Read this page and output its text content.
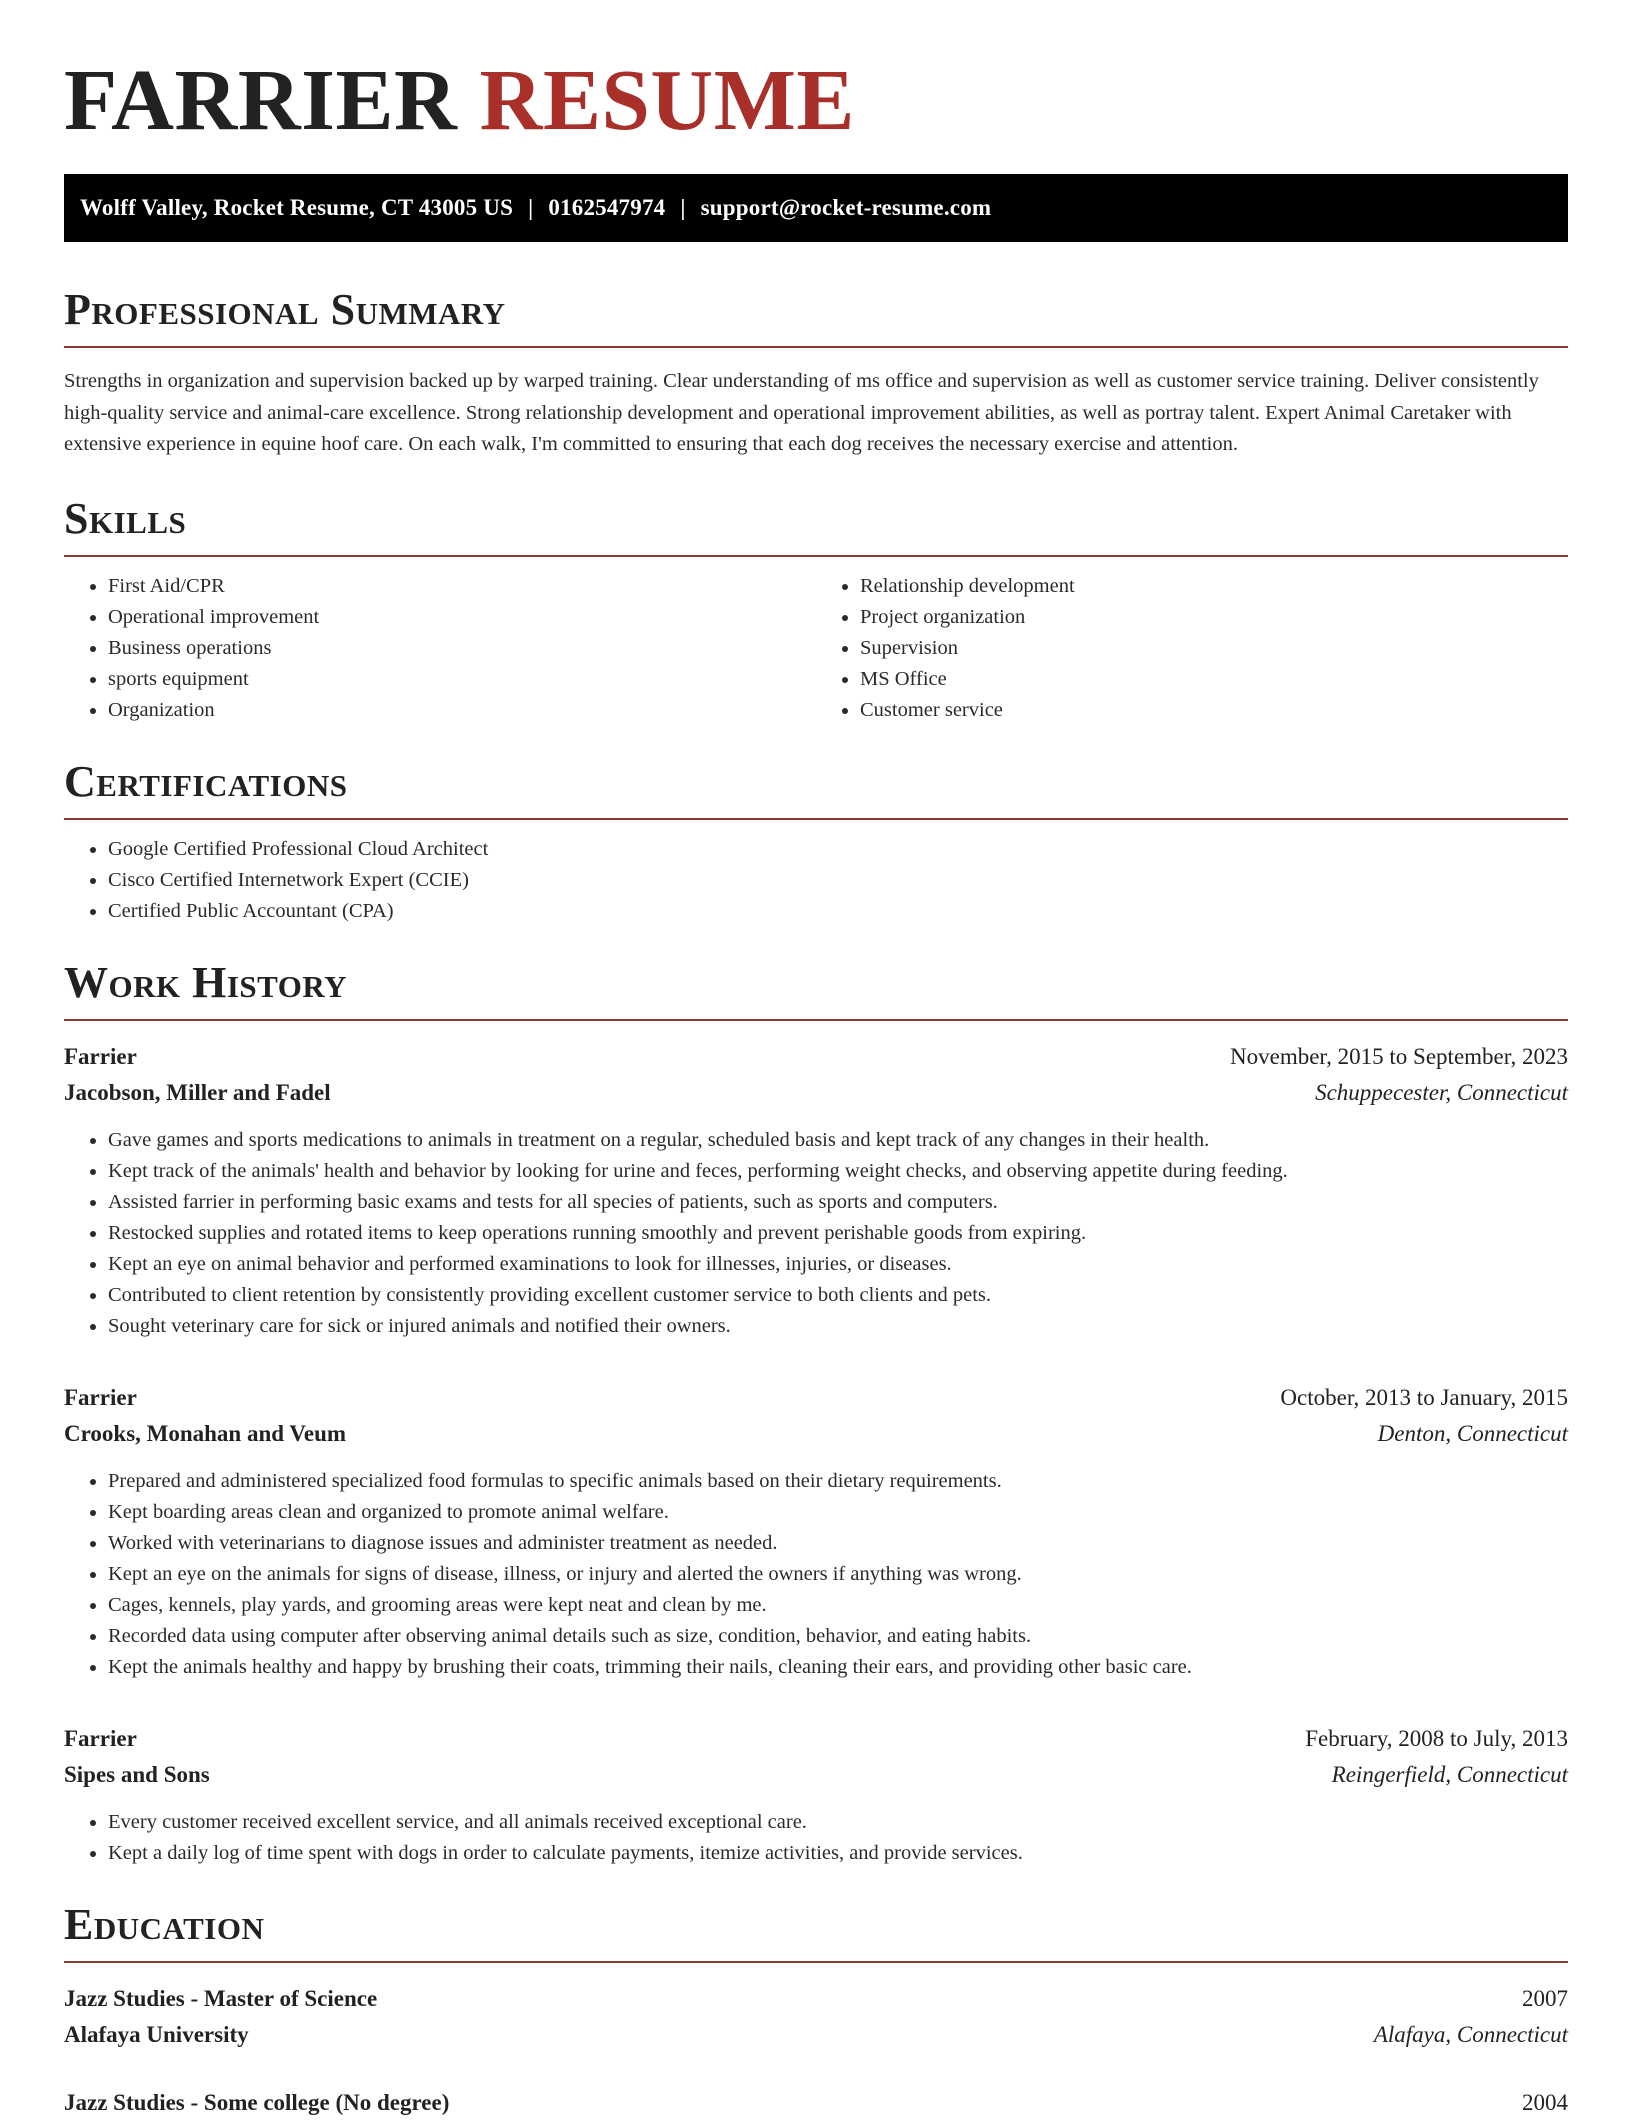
FARRIER RESUME
Wolff Valley, Rocket Resume, CT 43005 US | 0162547974 | support@rocket-resume.com
Professional Summary

Strengths in organization and supervision backed up by warped training. Clear understanding of ms office and supervision as well as customer service training. Deliver consistently high-quality service and animal-care excellence. Strong relationship development and operational improvement abilities, as well as portray talent. Expert Animal Caretaker with extensive experience in equine hoof care. On each walk, I'm committed to ensuring that each dog receives the necessary exercise and attention.

Skills
• First Aid/CPR
• Operational improvement
• Business operations
• sports equipment
• Organization
• Relationship development
• Project organization
• Supervision
• MS Office
• Customer service
Certifications
• Google Certified Professional Cloud Architect
• Cisco Certified Internetwork Expert (CCIE)
• Certified Public Accountant (CPA)
Work History
Farrier	November, 2015 to September, 2023
Jacobson, Miller and Fadel	Schuppecester, Connecticut
• Gave games and sports medications to animals in treatment on a regular, scheduled basis and kept track of any changes in their health.
• Kept track of the animals' health and behavior by looking for urine and feces, performing weight checks, and observing appetite during feeding.
• Assisted farrier in performing basic exams and tests for all species of patients, such as sports and computers.
• Restocked supplies and rotated items to keep operations running smoothly and prevent perishable goods from expiring.
• Kept an eye on animal behavior and performed examinations to look for illnesses, injuries, or diseases.
• Contributed to client retention by consistently providing excellent customer service to both clients and pets.
• Sought veterinary care for sick or injured animals and notified their owners.
Farrier	October, 2013 to January, 2015
Crooks, Monahan and Veum	Denton, Connecticut
• Prepared and administered specialized food formulas to specific animals based on their dietary requirements.
• Kept boarding areas clean and organized to promote animal welfare.
• Worked with veterinarians to diagnose issues and administer treatment as needed.
• Kept an eye on the animals for signs of disease, illness, or injury and alerted the owners if anything was wrong.
• Cages, kennels, play yards, and grooming areas were kept neat and clean by me.
• Recorded data using computer after observing animal details such as size, condition, behavior, and eating habits.
• Kept the animals healthy and happy by brushing their coats, trimming their nails, cleaning their ears, and providing other basic care.
Farrier	February, 2008 to July, 2013
Sipes and Sons	Reingerfield, Connecticut
• Every customer received excellent service, and all animals received exceptional care.
• Kept a daily log of time spent with dogs in order to calculate payments, itemize activities, and provide services.
Education
Jazz Studies - Master of Science	2007
Alafaya University	Alafaya, Connecticut
Jazz Studies - Some college (No degree)	2004
